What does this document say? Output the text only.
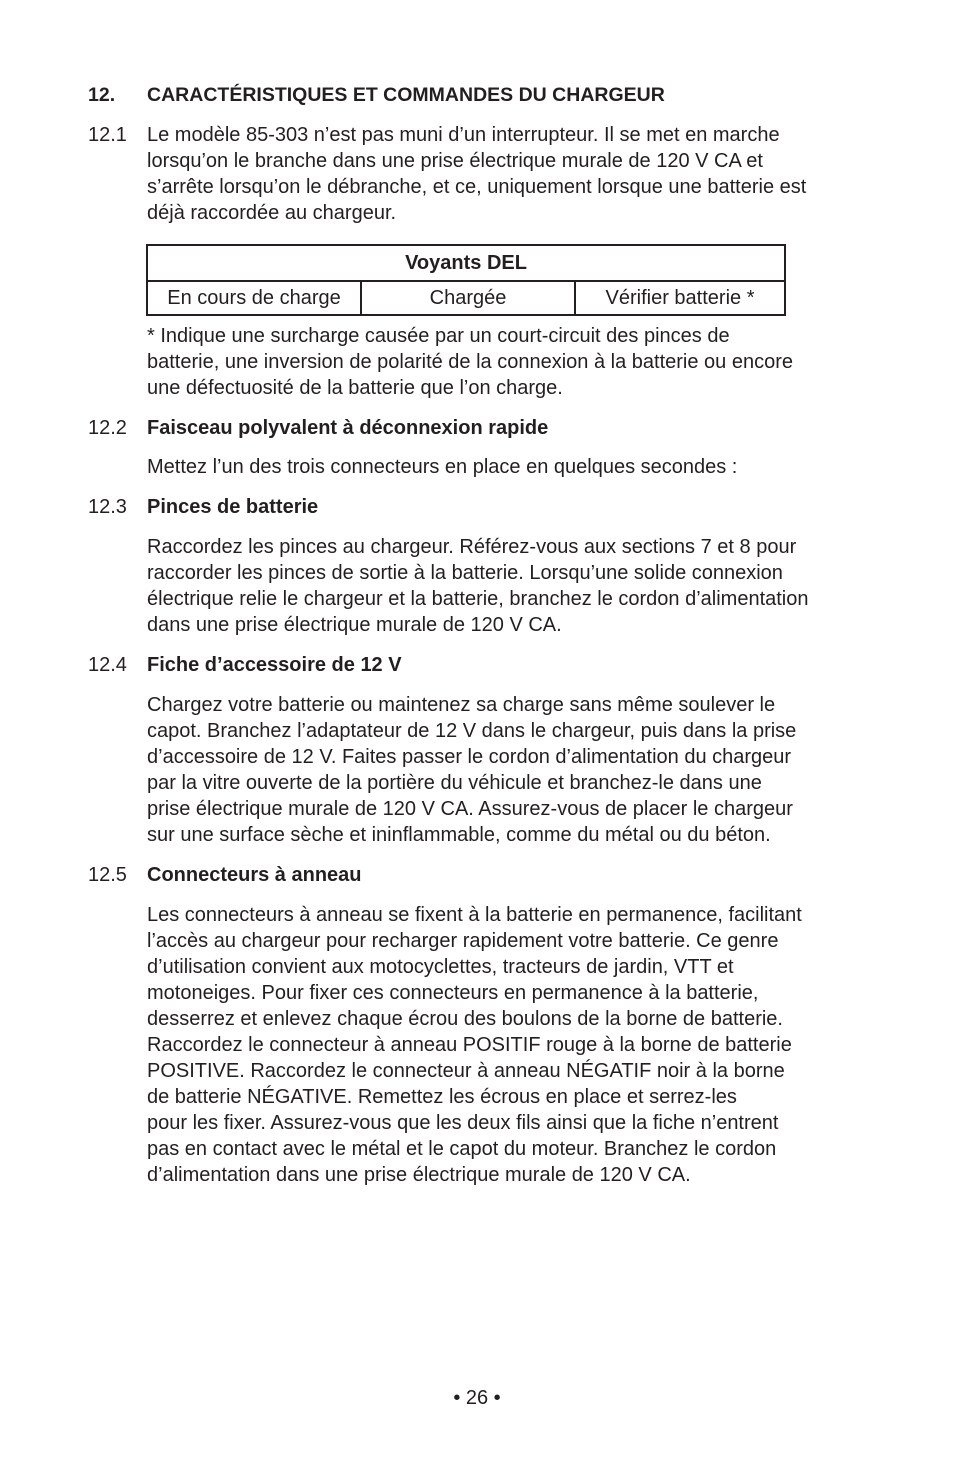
12. CARACTÉRISTIQUES ET COMMANDES DU CHARGEUR
12.1 Le modèle 85-303 n’est pas muni d’un interrupteur. Il se met en marche
lorsqu’on le branche dans une prise électrique murale de 120 V CA et
s’arrête lorsqu’on le débranche, et ce, uniquement lorsque une batterie est
déjà raccordée au chargeur.

Voyants DEL
En cours de charge	Chargée	Vérifier batterie *

* Indique une surcharge causée par un court-circuit des pinces de
batterie, une inversion de polarité de la connexion à la batterie ou encore
une défectuosité de la batterie que l’on charge.

12.2 Faisceau polyvalent à déconnexion rapide

Mettez l’un des trois connecteurs en place en quelques secondes :

12.3 Pinces de batterie

Raccordez les pinces au chargeur. Référez-vous aux sections 7 et 8 pour
raccorder les pinces de sortie à la batterie. Lorsqu’une solide connexion
électrique relie le chargeur et la batterie, branchez le cordon d’alimentation
dans une prise électrique murale de 120 V CA.

12.4 Fiche d’accessoire de 12 V

Chargez votre batterie ou maintenez sa charge sans même soulever le
capot. Branchez l’adaptateur de 12 V dans le chargeur, puis dans la prise
d’accessoire de 12 V. Faites passer le cordon d’alimentation du chargeur
par la vitre ouverte de la portière du véhicule et branchez-le dans une
prise électrique murale de 120 V CA. Assurez-vous de placer le chargeur
sur une surface sèche et ininflammable, comme du métal ou du béton.

12.5 Connecteurs à anneau

Les connecteurs à anneau se fixent à la batterie en permanence, facilitant
l’accès au chargeur pour recharger rapidement votre batterie. Ce genre
d’utilisation convient aux motocyclettes, tracteurs de jardin, VTT et
motoneiges. Pour fixer ces connecteurs en permanence à la batterie,
desserrez et enlevez chaque écrou des boulons de la borne de batterie.
Raccordez le connecteur à anneau POSITIF rouge à la borne de batterie
POSITIVE. Raccordez le connecteur à anneau NÉGATIF noir à la borne
de batterie NÉGATIVE. Remettez les écrous en place et serrez-les
pour les fixer. Assurez-vous que les deux fils ainsi que la fiche n’entrent
pas en contact avec le métal et le capot du moteur. Branchez le cordon
d’alimentation dans une prise électrique murale de 120 V CA.

• 26 •
